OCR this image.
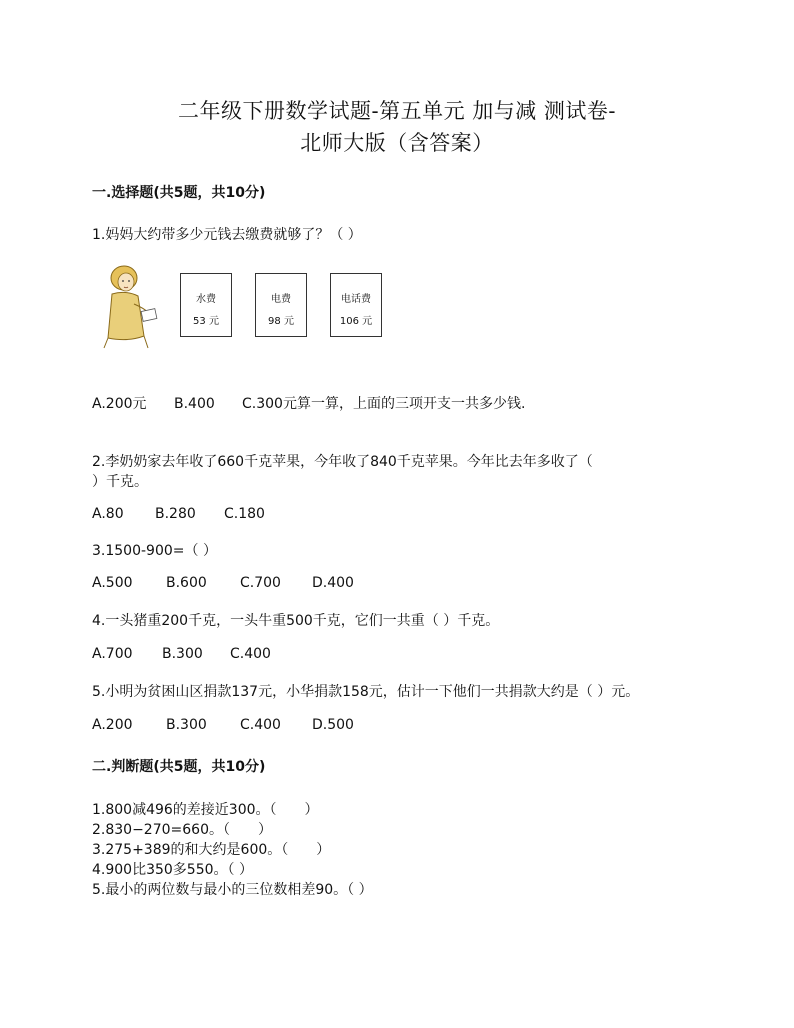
二年级下册数学试题-第五单元 加与减 测试卷-
北师大版（含答案）
一.选择题(共5题，共10分)
1.妈妈大约带多少元钱去缴费就够了？（ ）
水费
53 元
电费
98 元
电话费
106 元
A.200元 B.400 C.300元算一算，上面的三项开支一共多少钱.
2.李奶奶家去年收了660千克苹果，今年收了840千克苹果。今年比去年多收了（
）千克。
A.80 B.280 C.180
3.1500-900=（ ）
A.500 B.600 C.700 D.400
4.一头猪重200千克，一头牛重500千克，它们一共重（ ）千克。
A.700 B.300 C.400
5.小明为贫困山区捐款137元，小华捐款158元，估计一下他们一共捐款大约是（ ）元。
A.200 B.300 C.400 D.500
二.判断题(共5题，共10分)
1.800减496的差接近300。（　　）
2.830−270=660。（　　）
3.275+389的和大约是600。（　　）
4.900比350多550。（ ）
5.最小的两位数与最小的三位数相差90。（ ）
